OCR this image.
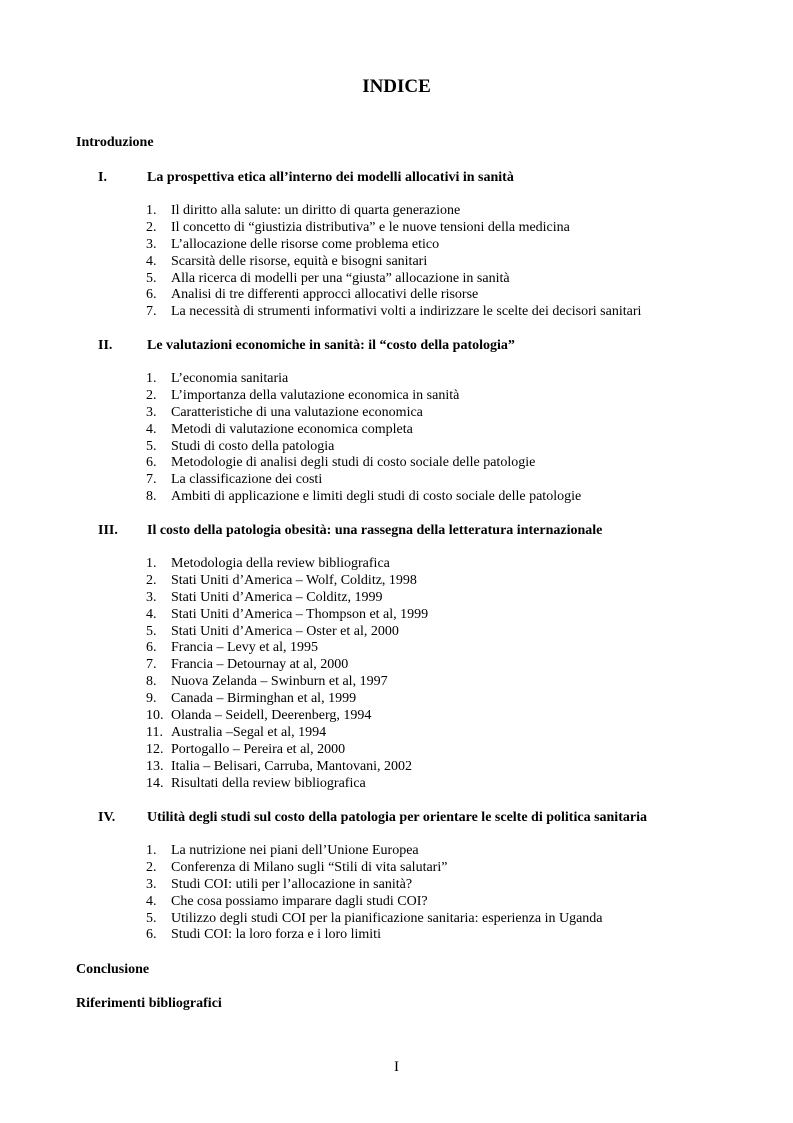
INDICE
Introduzione
I.	La prospettiva etica all’interno dei modelli allocativi in sanità
1. Il diritto alla salute: un diritto di quarta generazione
2. Il concetto di “giustizia distributiva” e le nuove tensioni della medicina
3. L’allocazione delle risorse come problema etico
4. Scarsità delle risorse, equità e bisogni sanitari
5. Alla ricerca di modelli per una “giusta” allocazione in sanità
6. Analisi di tre differenti approcci allocativi delle risorse
7. La necessità di strumenti informativi volti a indirizzare le scelte dei decisori sanitari
II. Le valutazioni economiche in sanità: il “costo della patologia”
1. L’economia sanitaria
2. L’importanza della valutazione economica in sanità
3. Caratteristiche di una valutazione economica
4. Metodi di valutazione economica completa
5. Studi di costo della patologia
6. Metodologie di analisi degli studi di costo sociale delle patologie
7. La classificazione dei costi
8. Ambiti di applicazione e limiti degli studi di costo sociale delle patologie
III. Il costo della patologia obesità: una rassegna della letteratura internazionale
1. Metodologia della review bibliografica
2. Stati Uniti d’America – Wolf, Colditz, 1998
3. Stati Uniti d’America – Colditz, 1999
4. Stati Uniti d’America – Thompson et al, 1999
5. Stati Uniti d’America – Oster et al, 2000
6. Francia – Levy et al, 1995
7. Francia – Detournay at al, 2000
8. Nuova Zelanda – Swinburn et al, 1997
9. Canada – Birminghan et al, 1999
10. Olanda – Seidell, Deerenberg, 1994
11. Australia –Segal et al, 1994
12. Portogallo – Pereira et al, 2000
13. Italia – Belisari, Carruba, Mantovani, 2002
14. Risultati della review bibliografica
IV. Utilità degli studi sul costo della patologia per orientare le scelte di politica sanitaria
1. La nutrizione nei piani dell’Unione Europea
2. Conferenza di Milano sugli “Stili di vita salutari”
3. Studi COI: utili per l’allocazione in sanità?
4. Che cosa possiamo imparare dagli studi COI?
5. Utilizzo degli studi COI per la pianificazione sanitaria: esperienza in Uganda
6. Studi COI: la loro forza e i loro limiti
Conclusione
Riferimenti bibliografici
I
